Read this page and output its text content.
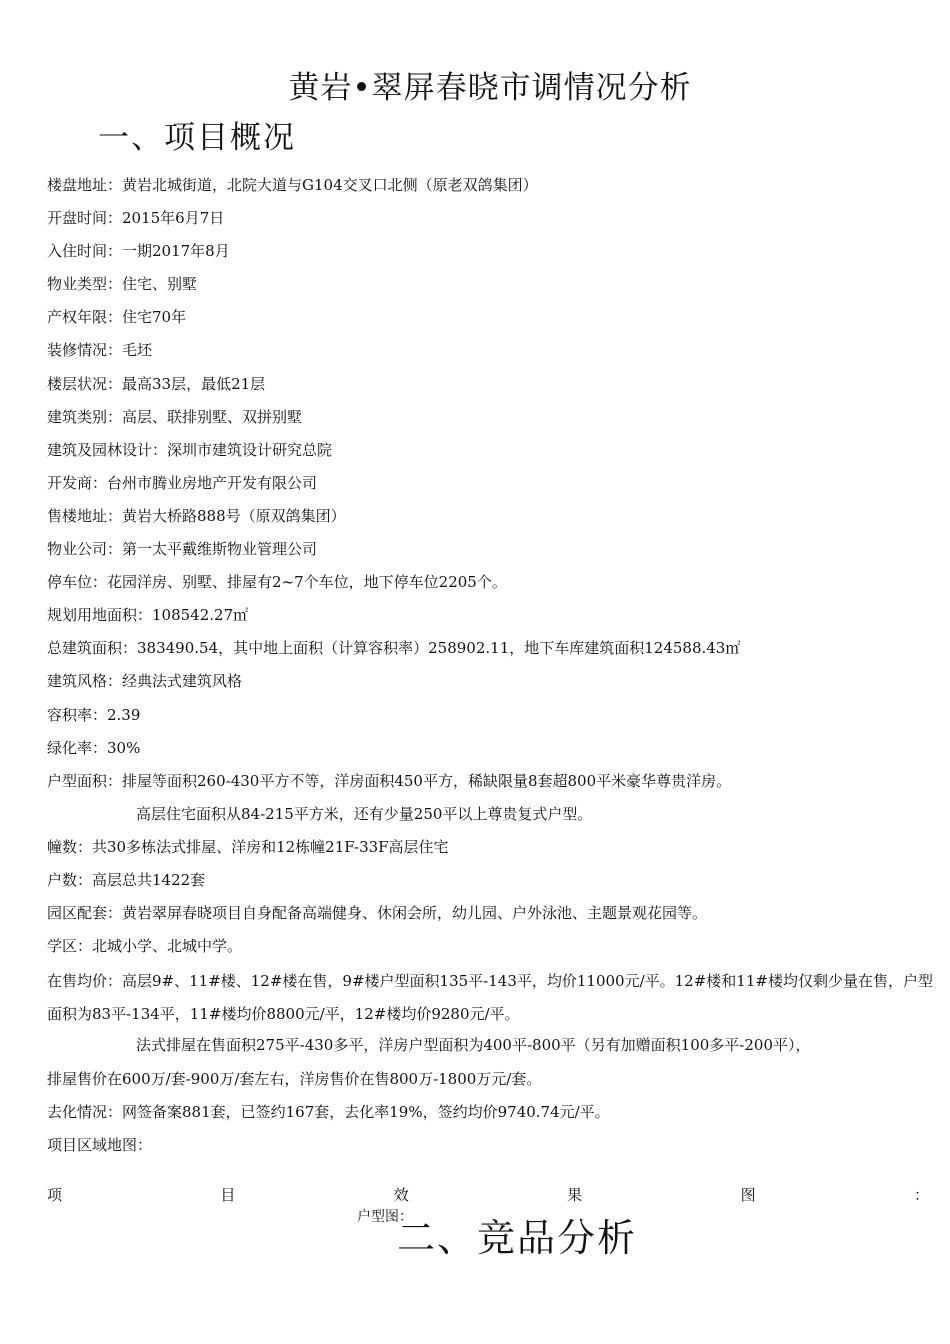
黄岩•翠屏春晓市调情况分析
一、项目概况
楼盘地址：黄岩北城街道，北院大道与G104交叉口北侧（原老双鸽集团）
开盘时间：2015年6月7日
入住时间：一期2017年8月
物业类型：住宅、别墅
产权年限：住宅70年
装修情况：毛坯
楼层状况：最高33层，最低21层
建筑类别：高层、联排别墅、双拼别墅
建筑及园林设计：深圳市建筑设计研究总院
开发商：台州市腾业房地产开发有限公司
售楼地址：黄岩大桥路888号（原双鸽集团）
物业公司：第一太平戴维斯物业管理公司
停车位：花园洋房、别墅、排屋有2~7个车位，地下停车位2205个。
规划用地面积：108542.27㎡
总建筑面积：383490.54，其中地上面积（计算容积率）258902.11，地下车库建筑面积124588.43㎡
建筑风格：经典法式建筑风格
容积率：2.39
绿化率：30%
户型面积：排屋等面积260-430平方不等，洋房面积450平方，稀缺限量8套超800平米豪华尊贵洋房。
高层住宅面积从84-215平方米，还有少量250平以上尊贵复式户型。
幢数：共30多栋法式排屋、洋房和12栋幢21F-33F高层住宅
户数：高层总共1422套
园区配套：黄岩翠屏春晓项目自身配备高端健身、休闲会所，幼儿园、户外泳池、主题景观花园等。
学区：北城小学、北城中学。
在售均价：高层9#、11#楼、12#楼在售，9#楼户型面积135平-143平，均价11000元/平。12#楼和11#楼均仅剩少量在售，户型面积为83平-134平，11#楼均价8800元/平，12#楼均价9280元/平。
法式排屋在售面积275平-430多平，洋房户型面积为400平-800平（另有加赠面积100多平-200平），
排屋售价在600万/套-900万/套左右，洋房售价在售800万-1800万元/套。
去化情况：网签备案881套，已签约167套，去化率19%，签约均价9740.74元/平。
项目区域地图：
项	目	效	果	图	：
户型图：
二、竞品分析
